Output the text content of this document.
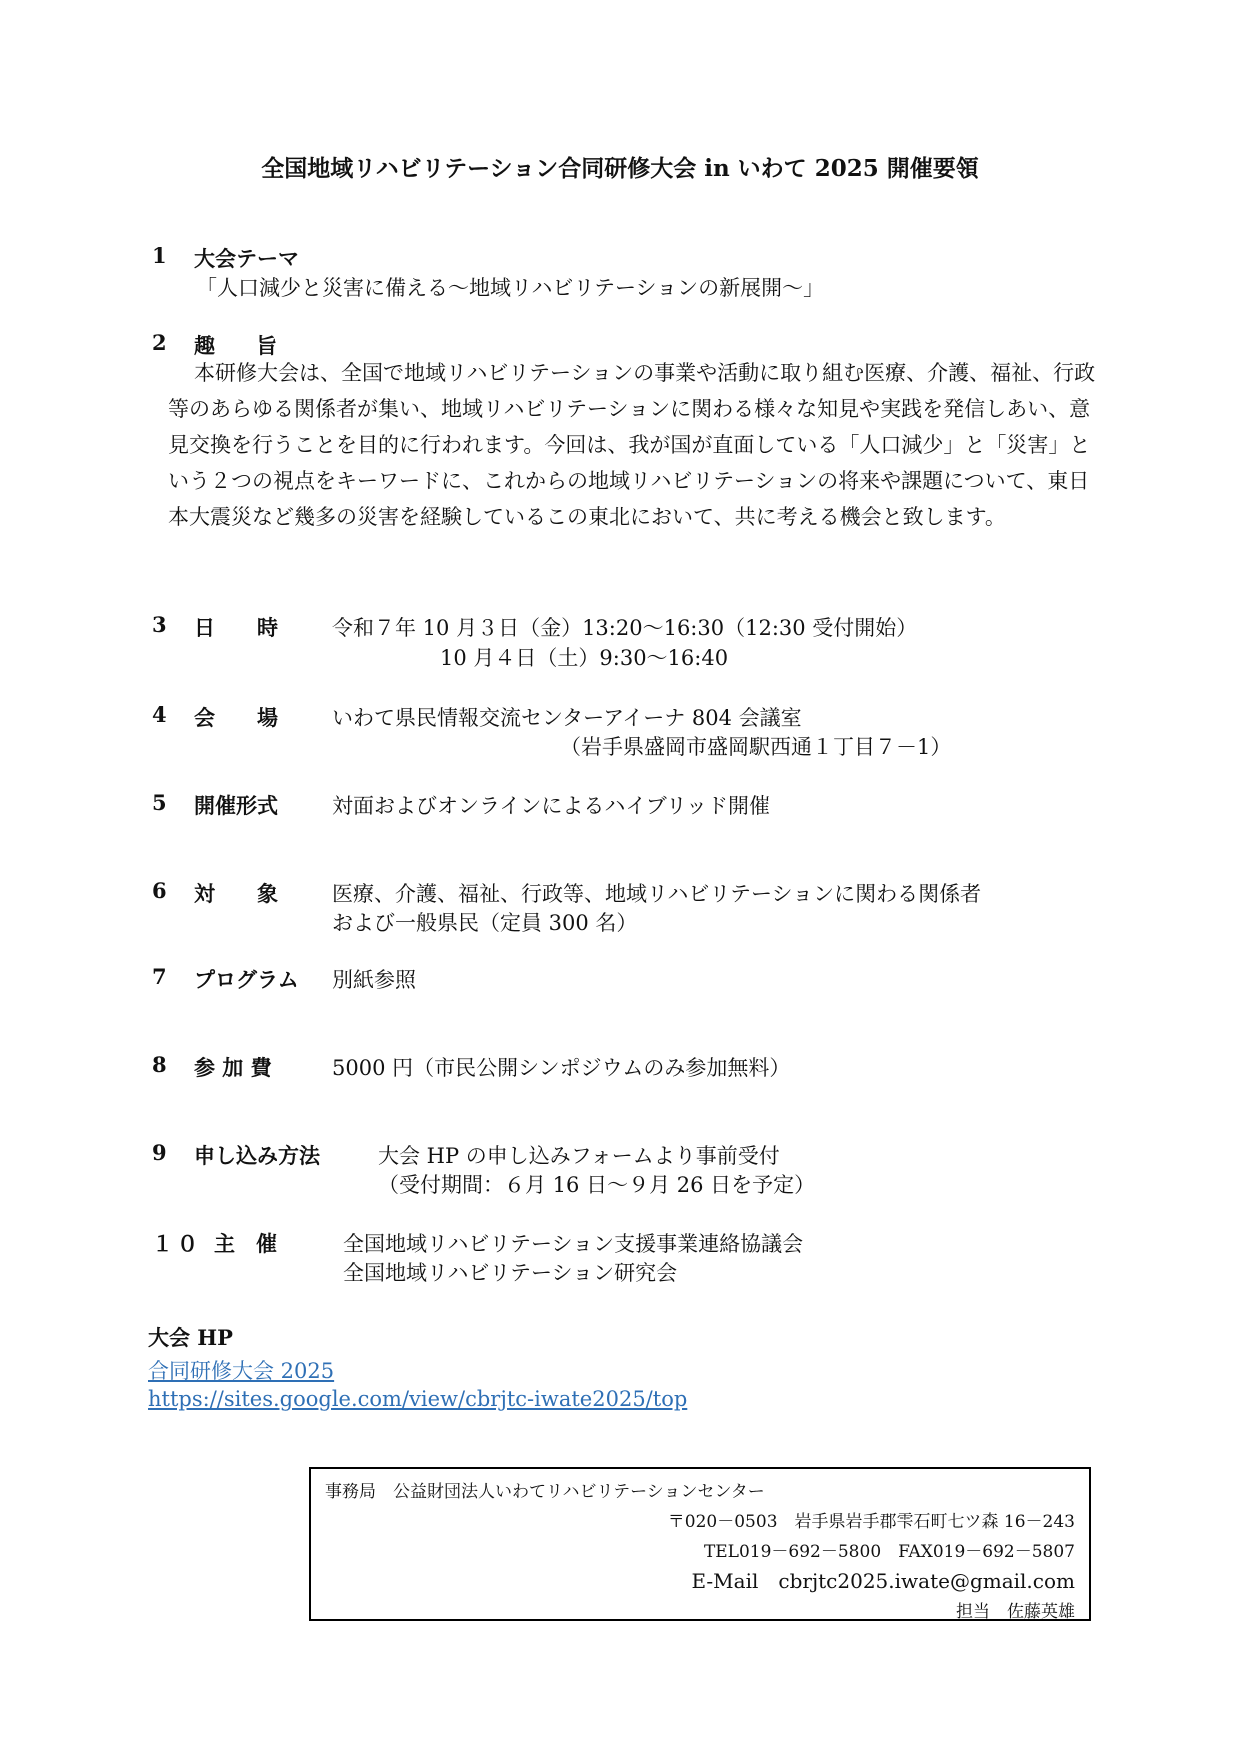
全国地域リハビリテーション合同研修大会 in いわて 2025 開催要領
1 大会テーマ
「人口減少と災害に備える～地域リハビリテーションの新展開～」
2 趣　旨

本研修大会は、全国で地域リハビリテーションの事業や活動に取り組む医療、介護、福祉、行政等のあらゆる関係者が集い、地域リハビリテーションに関わる様々な知見や実践を発信しあい、意見交換を行うことを目的に行われます。今回は、我が国が直面している「人口減少」と「災害」という２つの視点をキーワードに、これからの地域リハビリテーションの将来や課題について、東日本大震災など幾多の災害を経験しているこの東北において、共に考える機会と致します。

3 日　　時	令和７年 10 月３日（金）13:20～16:30（12:30 受付開始）
10 月４日（土）9:30～16:40
4 会　　場	いわて県民情報交流センターアイーナ 804 会議室
（岩手県盛岡市盛岡駅西通１丁目７－1）
5 開催形式	対面およびオンラインによるハイブリッド開催
6 対　　象	医療、介護、福祉、行政等、地域リハビリテーションに関わる関係者
および一般県民（定員 300 名）
7 プログラム 別紙参照
8 参 加 費	5000 円（市民公開シンポジウムのみ参加無料）
9 申し込み方法	大会 HP の申し込みフォームより事前受付
（受付期間：６月 16 日～９月 26 日を予定）
１０ 主　催	全国地域リハビリテーション支援事業連絡協議会
全国地域リハビリテーション研究会
大会 HP
合同研修大会 2025
https://sites.google.com/view/cbrjtc-iwate2025/top
事務局　公益財団法人いわてリハビリテーションセンター
〒020－0503　岩手県岩手郡雫石町七ツ森 16－243
TEL019－692－5800　FAX019－692－5807
E-Mail　cbrjtc2025.iwate@gmail.com
担当　佐藤英雄
